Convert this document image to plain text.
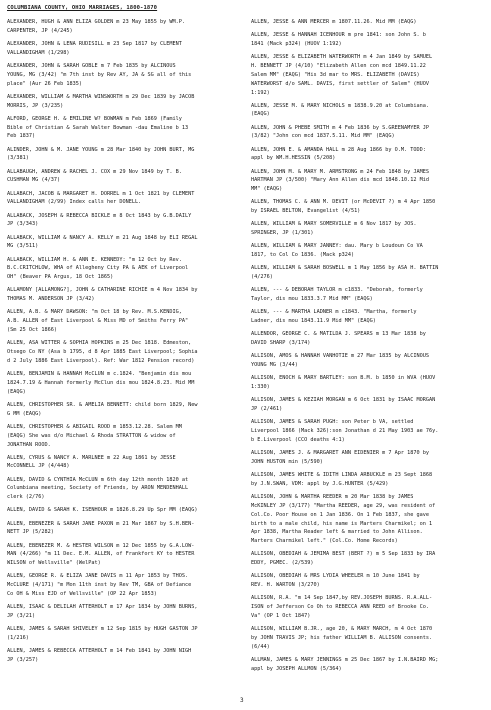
COLUMBIANA COUNTY, OHIO MARRIAGES, 1800-1870
ALEXANDER, HUGH & ANN ELIZA GOLDEN m 23 May 1855 by WM.P.
CARPENTER, JP (4/245)
ALEXANDER, JOHN & LENA RUDISILL m 23 Sep 1817 by CLEMENT
VALLANDIGHAM (1/298)
ALEXANDER, JOHN & SARAH GOBLE m 7 Feb 1835 by ALCINOUS
YOUNG, MG (3/42) "m 7th inst by Rev AY, JA & SG all of this
place" (Aur 26 Feb 1835)
ALEXANDER, WILLIAM & MARTHA WINSWORTH m 29 Dec 1839 by JACOB
MORRIS, JP (3/235)
ALFORD, GEORGE H. & EMILINE W? BOWMAN m Feb 1869 (Family
Bible of Christian & Sarah Walter Bowman -dau Emaline b 13
Feb 1837)
ALINDER, JOHN & M. JANE YOUNG m 28 Mar 1840 by JOHN BURT, MG
(3/381)
ALLABAUGH, ANDREW & RACHEL J. COX m 29 Nov 1849 by T. B.
CUSHMAN MG (4/37)
ALLABACH, JACOB & MARGARET H. DORREL m 1 Oct 1821 by CLEMENT
VALLANDIGHAM (2/99) Index calls her DONELL.
ALLABACK, JOSEPH & REBECCA BICKLE m 8 Oct 1843 by G.B.DAILY
JP (3/343)
ALLABACK, WILLIAM & NANCY A. KELLY m 21 Aug 1848 by ELI REGAL
MG (3/511)
ALLABACK, WILLIAM H. & ANN E. KENNEDY: "m 12 Oct by Rev.
B.C.CRITCHLOW, WHA of Allegheny City PA & AEK of Liverpool
OH" (Beaver PA Argus, 18 Oct 1865)
ALLAMONY [ALLAMONG?], JOHN & CATHARINE RICHIE m 4 Nov 1834 by
THOMAS M. ANDERSON JP (3/42)
ALLEN, A.B. & MARY DAWSON: "m Oct 18 by Rev. M.S.KENDIG,
A.B. ALLEN of East Liverpool & Miss MD of Smiths Ferry PA"
(Sm 25 Oct 1866)
ALLEN, ASA WITTER & SOPHIA HOPKINS m 25 Dec 1818. Edmeston,
Otsego Co NY (Asa b 1795, d 8 Apr 1885 East Liverpool; Sophia
d 2 July 1886 East Liverpool). Ref: War 1812 Pension record)
ALLEN, BENJAMIN & HANNAH McCLUN m c.1824. "Benjamin dis mou
1824.7.19 & Hannah formerly McClun dis mou 1824.8.23. Mid MM
(EAQG)
ALLEN, CHRISTOPHER SR. & AMELIA BENNETT: child born 1829, New
G MM (EAQG)
ALLEN, CHRISTOPHER & ABIGAIL ROOD m 1853.12.28. Salem MM
(EAQG) She was d/o Michael & Rhoda STRATTON & widow of
JONATHAN ROOD.
ALLEN, CYRUS & NANCY A. MARLNEE m 22 Aug 1861 by JESSE
McCONNELL JP (4/448)
ALLEN, DAVID & CYNTHIA McCLUN m 6th day 12th month 1820 at
Columbiana meeting, Society of Friends, by ARON MENDENHALL
clerk (2/76)
ALLEN, DAVID & SARAH K. ISENHOUR m 1826.8.29 Up Spr MM (EAQG)
ALLEN, EBENEZER & SARAH JANE PAXON m 21 Mar 1867 by S.H.BEN-
NETT JP (5/282)
ALLEN, EBENEZER M. & HESTER WILSON m 12 Dec 1855 by G.A.LOW-
MAN (4/266) "m 11 Dec. E.M. ALLEN, of Frankfort KY to HESTER
WILSON of Wellsville" (WelPat)
ALLEN, GEORGE R. & ELIZA JANE DAVIS m 11 Apr 1853 by THOS.
McCLURE (4/171) "m Mon 11th inst by Rev TM, GBA of Defiance
Co OH & Miss EJD of Wellsville" (OP 22 Apr 1853)
ALLEN, ISAAC & DELILAH ATTERHOLT m 17 Apr 1834 by JOHN BURNS,
JP (3/21)
ALLEN, JAMES & SARAH SHIVELEY m 12 Sep 1815 by HUGH GASTON JP
(1/216)
ALLEN, JAMES & REBECCA ATTERHOLT m 14 Feb 1841 by JOHN NIGH
JP (3/257)
ALLEN, JESSE & ANN MERCER m 1807.11.26. Mid MM (EAQG)
ALLEN, JESSE & HANNAH ICENHOUR m pre 1841: son John S. b
1841 (Mack p324) (HUOV 1:192)
ALLEN, JESSE & ELIZABETH WATERWORTH m 4 Jan 1849 by SAMUEL
H. BENNETT JP (4/10) "Elizabeth Allen con mcd 1849.11.22
Salem MM" (EAQG) "His 3d mar to MRS. ELIZABETH (DAVIS)
WATERWORST d/o SAML. DAVIS, first settler of Salem" (HUOV
1:192)
ALLEN, JESSE M. & MARY NICHOLS m 1838.9.20 at Columbiana.
(EAQG)
ALLEN, JOHN & PHEBE SMITH m 4 Feb 1836 by S.GREENAMYER JP
(3/82) "John con mcd 1837.5.11. Mid MM" (EAQG)
ALLEN, JOHN E. & AMANDA HALL m 28 Aug 1866 by O.M. TODD:
appl by WM.H.HESSIN (5/208)
ALLEN, JOHN M. & MARY M. ARMSTRONG m 24 Feb 1848 by JAMES
HARTMAN JP (3/500) "Mary Ann Allen dis mcd 1848.10.12 Mid
MM" (EAQG)
ALLEN, THOMAS C. & ANN M. DEVIT (or McDEVIT ?) m 4 Apr 1850
by ISRAEL BELTON, Evangelist (4/51)
ALLEN, WILLIAM & MARY SOMERVILLE m 6 Nov 1817 by JOS.
SPRINGER, JP (1/301)
ALLEN, WILLIAM & MARY JANNEY: dau. Mary b Loudoun Co VA
1817, to Col Co 1836. (Mack p324)
ALLEN, WILLIAM & SARAH BOSWELL m 1 May 1856 by ASA H. BATTIN
(4/276)
ALLEN, --- & DEBORAH TAYLOR m c1833. "Deborah, formerly
Taylor, dis mou 1833.3.7 Mid MM" (EAQG)
ALLEN, --- & MARTHA LADNER m c1843. "Martha, formerly
Ladner, dis mou 1843.11.9 Mid MM" (EAQG)
ALLENDOR, GEORGE C. & MATILDA J. SPEARS m 13 Mar 1838 by
DAVID SHARP (3/174)
ALLISON, AMOS & HANNAH VANHOTIE m 27 Mar 1835 by ALCINOUS
YOUNG MG (3/44)
ALLISON, ENOCH & MARY BARTLEY: son B.M. b 1850 in WVA (HUOV
1:330)
ALLISON, JAMES & KEZIAH MORGAN m 6 Oct 1831 by ISAAC MORGAN
JP (2/461)
ALLISON, JAMES & SARAH PUGH: son Peter b VA, settled
Liverpool 1866 (Mack 326):son Jonathan d 21 May 1903 ae 76y.
b E.Liverpool (CCO deaths 4:1)
ALLISON, JAMES J. & MARGARET ANN EIDENIER m 7 Apr 1870 by
JOHN HUSTON min (5/590)
ALLISON, JAMES WHITE & IDITH LINDA ARBUCKLE m 23 Sept 1868
by J.N.SWAN, VDM: appl by J.G.HUNTER (5/429)
ALLISON, JOHN & MARTHA REEDER m 20 Mar 1838 by JAMES
McKINLEY JP (3/177) "Martha REEDER, age 29, was resident of
Col.Co. Poor House on 1 Jan 1836. On 1 Feb 1837, she gave
birth to a male child, his name is Marters Charmikel; on 1
Apr 1838, Martha Reader left & married to John Allison.
Marters Charmikel left." (Col.Co. Home Records)
ALLISON, OBEDIAH & JEMIMA BEST (BERT ?) m 5 Sep 1833 by IRA
EDDY, PGMEC. (2/539)
ALLISON, OBEDIAH & MRS LYDIA WHEELER m 10 June 1841 by
REV. H. WARTON (3/270)
ALLISON, R.A. "m 14 Sep 1847,by REV.JOSEPH BURNS. R.A.ALL-
ISON of Jefferson Co Oh to REBECCA ANN REED of Brooke Co.
Va" (OP 1 Oct 1847)
ALLISON, WILLIAM B.JR., age 20, & MARY MARCH, m 4 Oct 1870
by JOHN TRAVIS JP; his father WILLIAM B. ALLISON consents.
(6/44)
ALLMAN, JAMES & MARY JENNINGS m 25 Dec 1867 by I.N.BAIRD MG;
appl by JOSEPH ALLMON (5/364)
3
